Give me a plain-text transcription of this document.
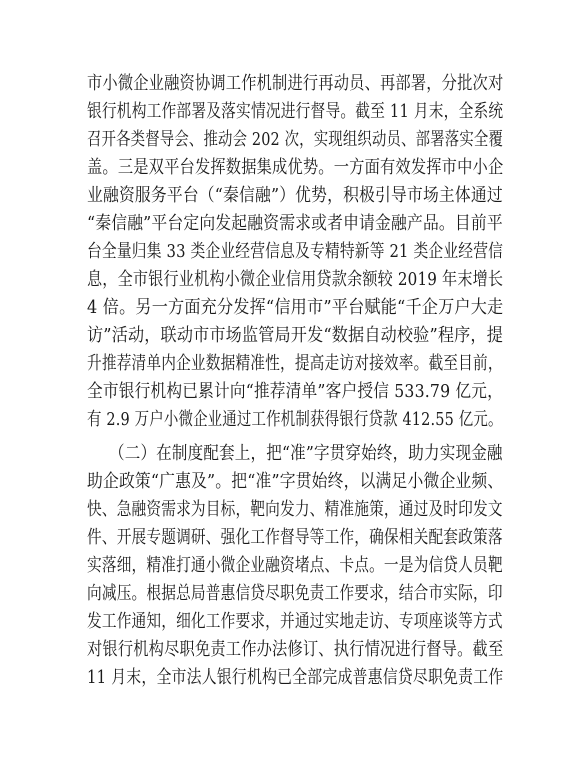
市小微企业融资协调工作机制进行再动员、再部署，分批次对
银行机构工作部署及落实情况进行督导。截至 11 月末，全系统
召开各类督导会、推动会 202 次，实现组织动员、部署落实全覆
盖。三是双平台发挥数据集成优势。一方面有效发挥市中小企
业融资服务平台（“秦信融”）优势，积极引导市场主体通过
“秦信融”平台定向发起融资需求或者申请金融产品。目前平
台全量归集 33 类企业经营信息及专精特新等 21 类企业经营信
息，全市银行业机构小微企业信用贷款余额较 2019 年末增长
4 倍。另一方面充分发挥“信用市”平台赋能“千企万户大走
访”活动，联动市市场监管局开发“数据自动校验”程序，提
升推荐清单内企业数据精准性，提高走访对接效率。截至目前，
全市银行机构已累计向“推荐清单”客户授信 533.79 亿元，
有 2.9 万户小微企业通过工作机制获得银行贷款 412.55 亿元。
（二）在制度配套上，把“准”字贯穿始终，助力实现金融
助企政策“广惠及”。把“准”字贯始终，以满足小微企业频、
快、急融资需求为目标，靶向发力、精准施策，通过及时印发文
件、开展专题调研、强化工作督导等工作，确保相关配套政策落
实落细，精准打通小微企业融资堵点、卡点。一是为信贷人员靶
向减压。根据总局普惠信贷尽职免责工作要求，结合市实际，印
发工作通知，细化工作要求，并通过实地走访、专项座谈等方式
对银行机构尽职免责工作办法修订、执行情况进行督导。截至
11 月末，全市法人银行机构已全部完成普惠信贷尽职免责工作
